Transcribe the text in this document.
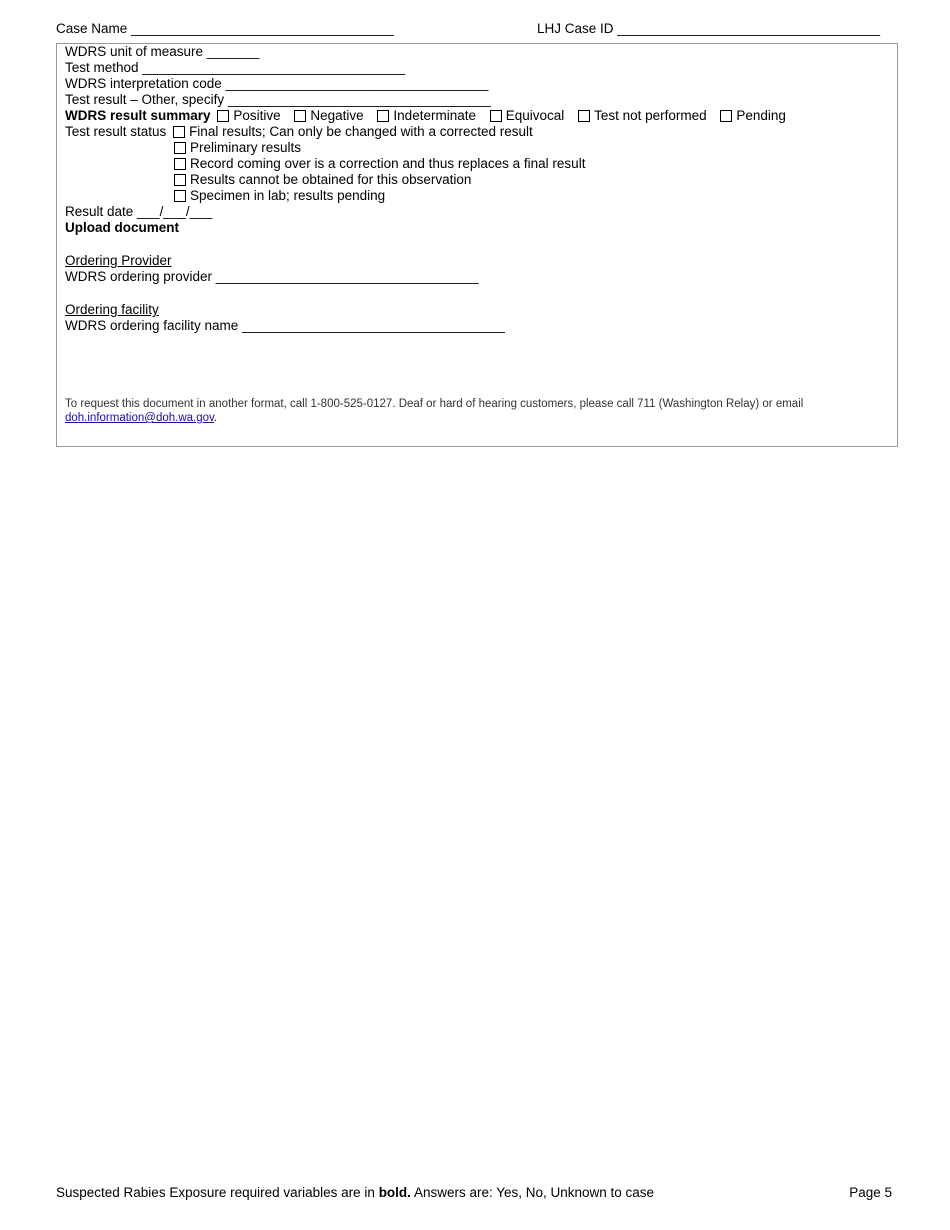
Case Name ___________________________________	LHJ Case ID ___________________________________
WDRS unit of measure _______
Test method ___________________________________
WDRS interpretation code ___________________________________
Test result – Other, specify ___________________________________
WDRS result summary Positive Negative Indeterminate Equivocal Test not performed Pending
Test result status Final results; Can only be changed with a corrected result
Preliminary results
Record coming over is a correction and thus replaces a final result
Results cannot be obtained for this observation
Specimen in lab; results pending
Result date ___/___/___
Upload document
Ordering Provider
WDRS ordering provider ___________________________________
Ordering facility
WDRS ordering facility name ___________________________________
To request this document in another format, call 1-800-525-0127. Deaf or hard of hearing customers, please call 711 (Washington Relay) or email
doh.information@doh.wa.gov.
Suspected Rabies Exposure required variables are in bold. Answers are: Yes, No, Unknown to case	Page 5
